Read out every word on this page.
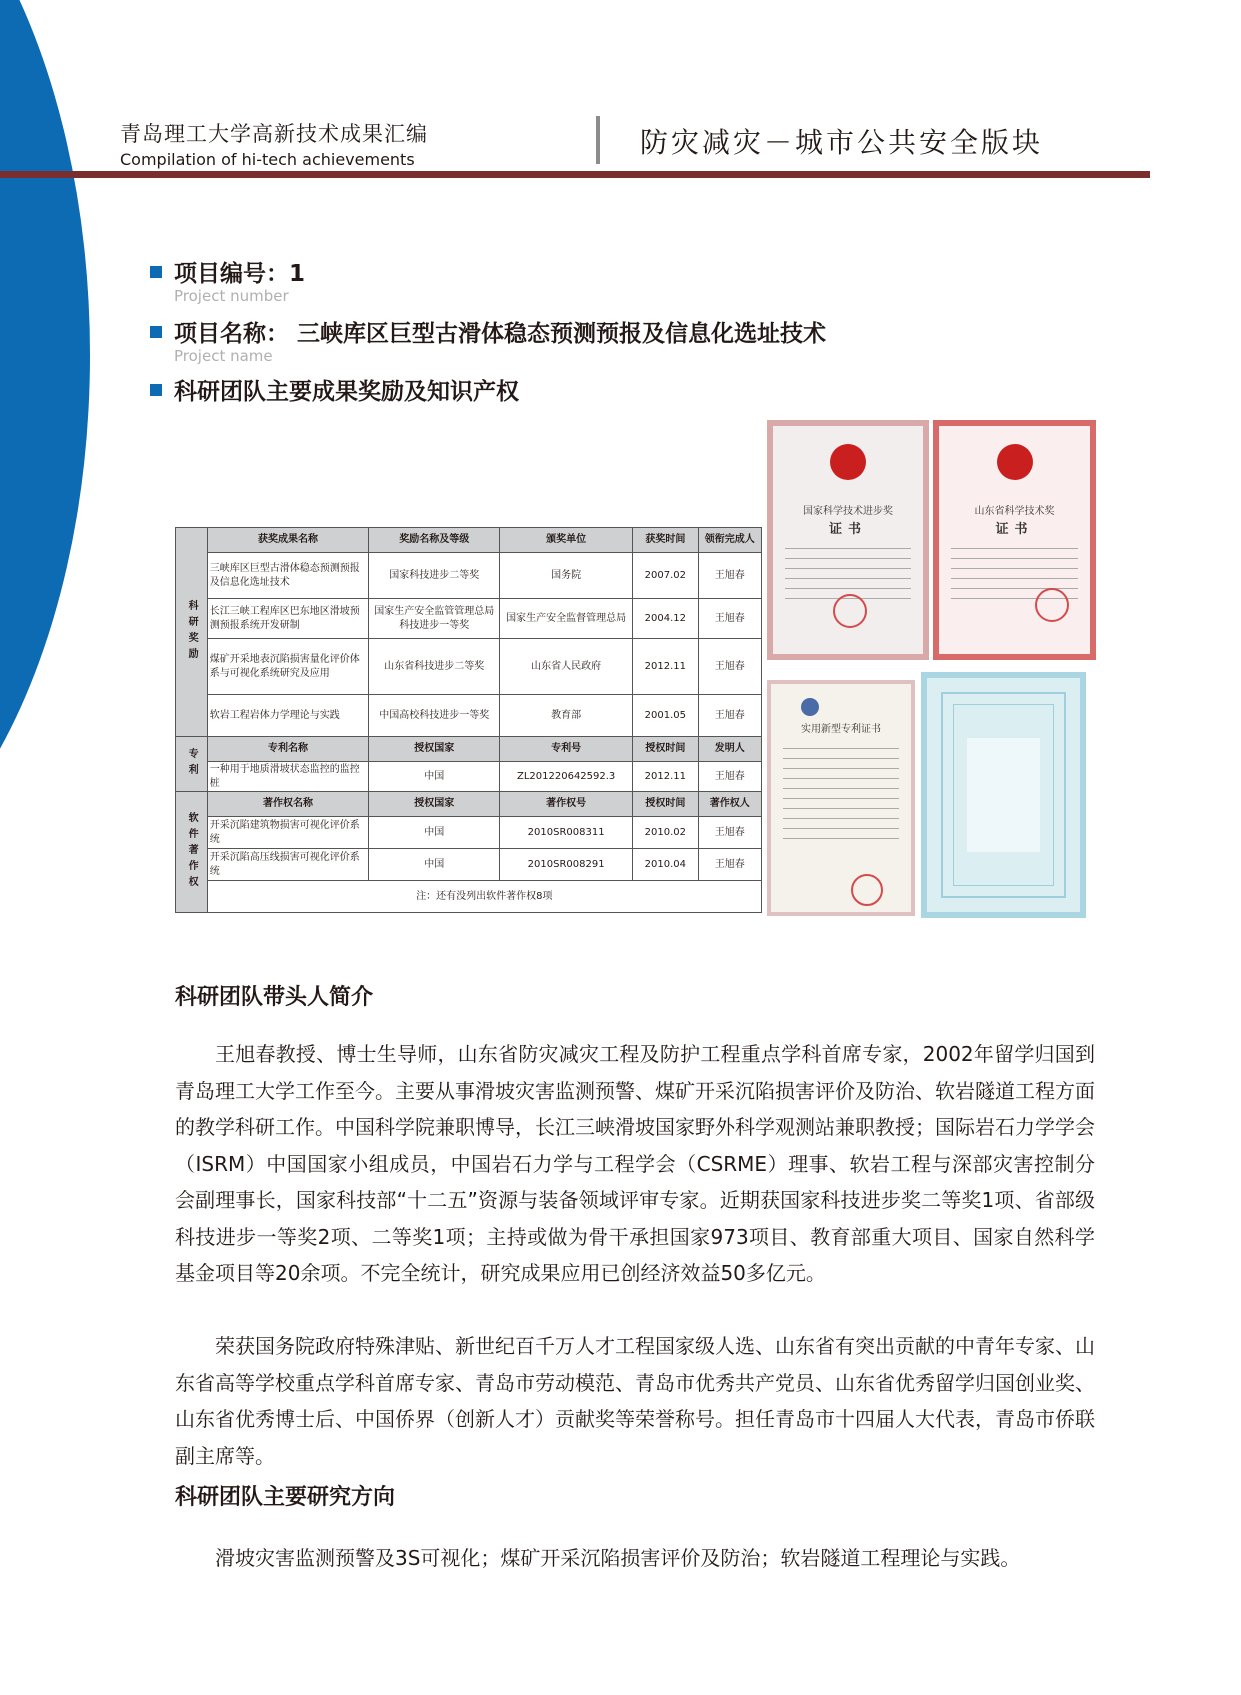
青岛理工大学高新技术成果汇编
Compilation of hi-tech achievements
防灾减灾－城市公共安全版块
项目编号：1
Project number
项目名称： 三峡库区巨型古滑体稳态预测预报及信息化选址技术
Project name
科研团队主要成果奖励及知识产权
科研奖励	获奖成果名称	奖励名称及等级	颁奖单位	获奖时间	领衔完成人
	三峡库区巨型古滑体稳态预测预报及信息化选址技术	国家科技进步二等奖	国务院	2007.02	王旭春
	长江三峡工程库区巴东地区滑坡预测预报系统开发研制	国家生产安全监管管理总局科技进步一等奖	国家生产安全监督管理总局	2004.12	王旭春
	煤矿开采地表沉陷损害量化评价体系与可视化系统研究及应用	山东省科技进步二等奖	山东省人民政府	2012.11	王旭春
	软岩工程岩体力学理论与实践	中国高校科技进步一等奖	教育部	2001.05	王旭春
专利	专利名称	授权国家	专利号	授权时间	发明人
	一种用于地质滑坡状态监控的监控桩	中国	ZL201220642592.3	2012.11	王旭春
软件著作权	著作权名称	授权国家	著作权号	授权时间	著作权人
	开采沉陷建筑物损害可视化评价系统	中国	2010SR008311	2010.02	王旭春
	开采沉陷高压线损害可视化评价系统	中国	2010SR008291	2010.04	王旭春
	注：还有没列出软件著作权8项				
国家科学技术进步奖
证书
山东省科学技术奖
证书
实用新型专利证书
科研团队带头人简介
王旭春教授、博士生导师，山东省防灾减灾工程及防护工程重点学科首席专家，2002年留学归国到青岛理工大学工作至今。主要从事滑坡灾害监测预警、煤矿开采沉陷损害评价及防治、软岩隧道工程方面的教学科研工作。中国科学院兼职博导，长江三峡滑坡国家野外科学观测站兼职教授；国际岩石力学学会（ISRM）中国国家小组成员，中国岩石力学与工程学会（CSRME）理事、软岩工程与深部灾害控制分会副理事长，国家科技部“十二五”资源与装备领域评审专家。近期获国家科技进步奖二等奖1项、省部级科技进步一等奖2项、二等奖1项；主持或做为骨干承担国家973项目、教育部重大项目、国家自然科学基金项目等20余项。不完全统计，研究成果应用已创经济效益50多亿元。
荣获国务院政府特殊津贴、新世纪百千万人才工程国家级人选、山东省有突出贡献的中青年专家、山东省高等学校重点学科首席专家、青岛市劳动模范、青岛市优秀共产党员、山东省优秀留学归国创业奖、山东省优秀博士后、中国侨界（创新人才）贡献奖等荣誉称号。担任青岛市十四届人大代表，青岛市侨联副主席等。
科研团队主要研究方向
滑坡灾害监测预警及3S可视化；煤矿开采沉陷损害评价及防治；软岩隧道工程理论与实践。
